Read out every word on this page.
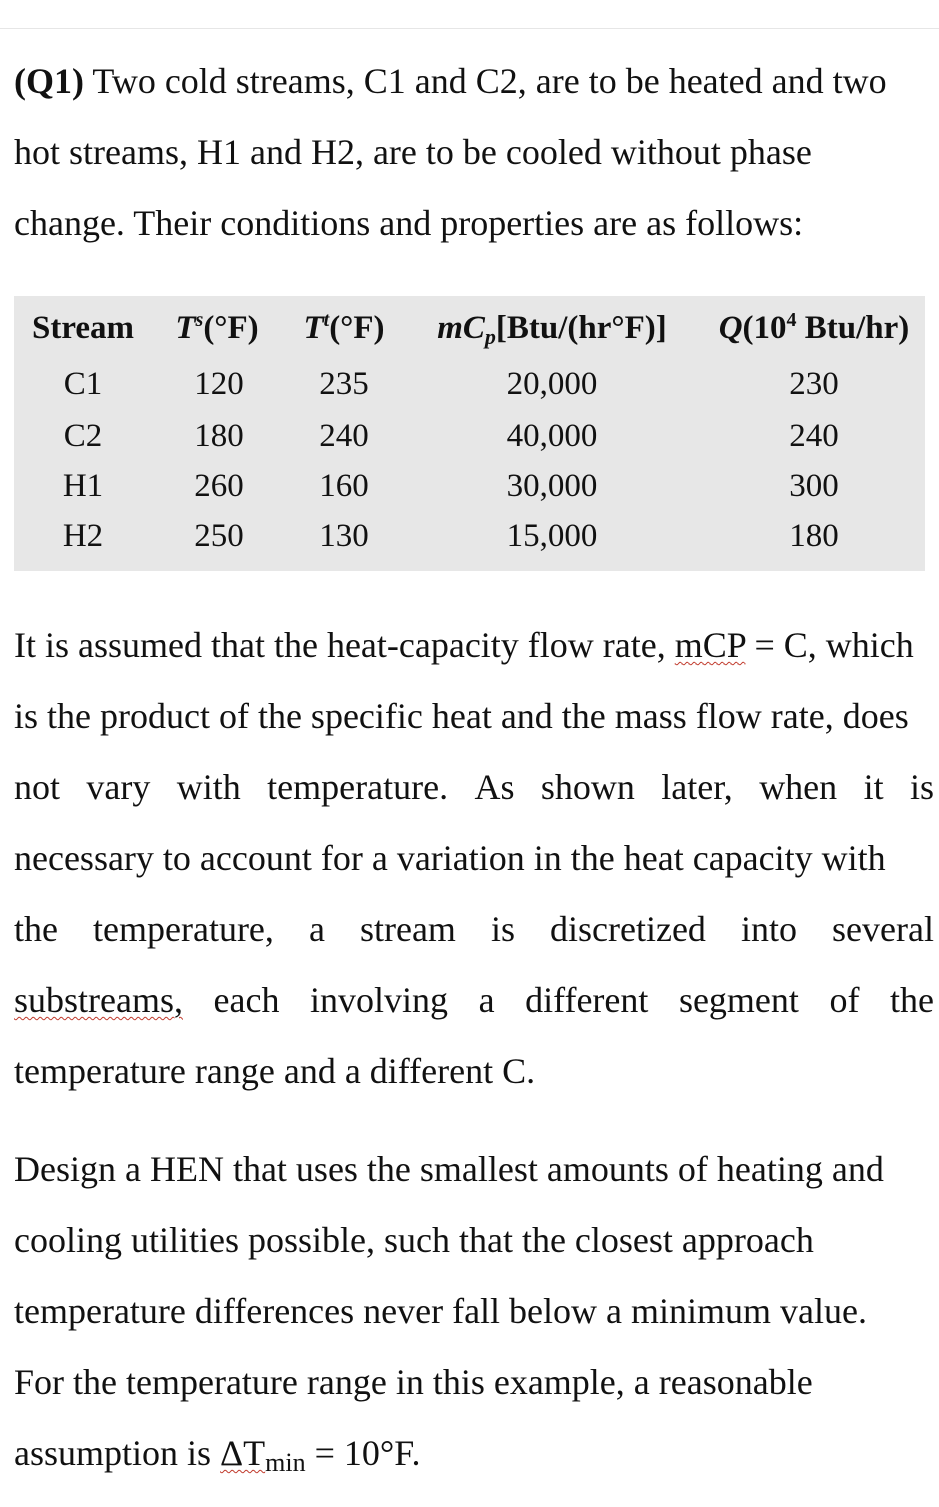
(Q1) Two cold streams, C1 and C2, are to be heated and two
hot streams, H1 and H2, are to be cooled without phase
change. Their conditions and properties are as follows:
Stream $T^s(^\circ F)$ $T^t(^\circ F)$ $mC_p[Btu/(hr^\circ F)]$ $Q(10^4$ Btu/hr)
C1	120 235	20,000	230
C2	180 240	40,000	240
H1	260 160	30,000	300
H2	250 130	15,000	180
It is assumed that the heat-capacity flow rate, mCP = C, which
is the product of the specific heat and the mass flow rate, does
not vary with temperature. As shown later, when it is
necessary to account for a variation in the heat capacity with
the temperature, a stream is discretized into several
substreams, each involving a different segment of the
temperature range and a different C.
Design a HEN that uses the smallest amounts of heating and
cooling utilities possible, such that the closest approach
temperature differences never fall below a minimum value.
For the temperature range in this example, a reasonable
assumption is ΔTmin = 10°F.
